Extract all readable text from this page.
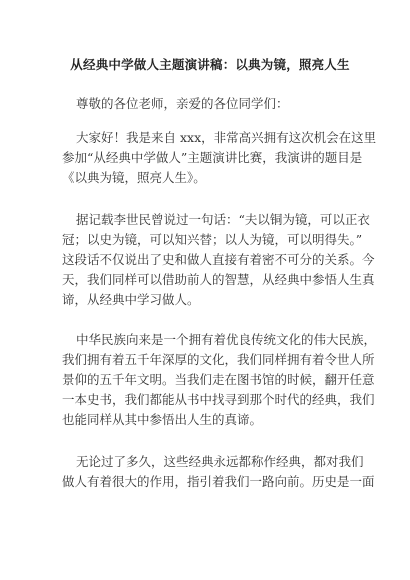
从经典中学做人主题演讲稿：以典为镜，照亮人生
尊敬的各位老师，亲爱的各位同学们：
大家好！我是来自 xxx，非常高兴拥有这次机会在这里
参加“从经典中学做人”主题演讲比赛，我演讲的题目是
《以典为镜，照亮人生》。
据记载李世民曾说过一句话：“夫以铜为镜，可以正衣
冠；以史为镜，可以知兴替；以人为镜，可以明得失。”
这段话不仅说出了史和做人直接有着密不可分的关系。今
天，我们同样可以借助前人的智慧，从经典中参悟人生真
谛，从经典中学习做人。
中华民族向来是一个拥有着优良传统文化的伟大民族，
我们拥有着五千年深厚的文化，我们同样拥有着令世人所
景仰的五千年文明。当我们走在图书馆的时候，翻开任意
一本史书，我们都能从书中找寻到那个时代的经典，我们
也能同样从其中参悟出人生的真谛。
无论过了多久，这些经典永远都称作经典，都对我们
做人有着很大的作用，指引着我们一路向前。历史是一面
